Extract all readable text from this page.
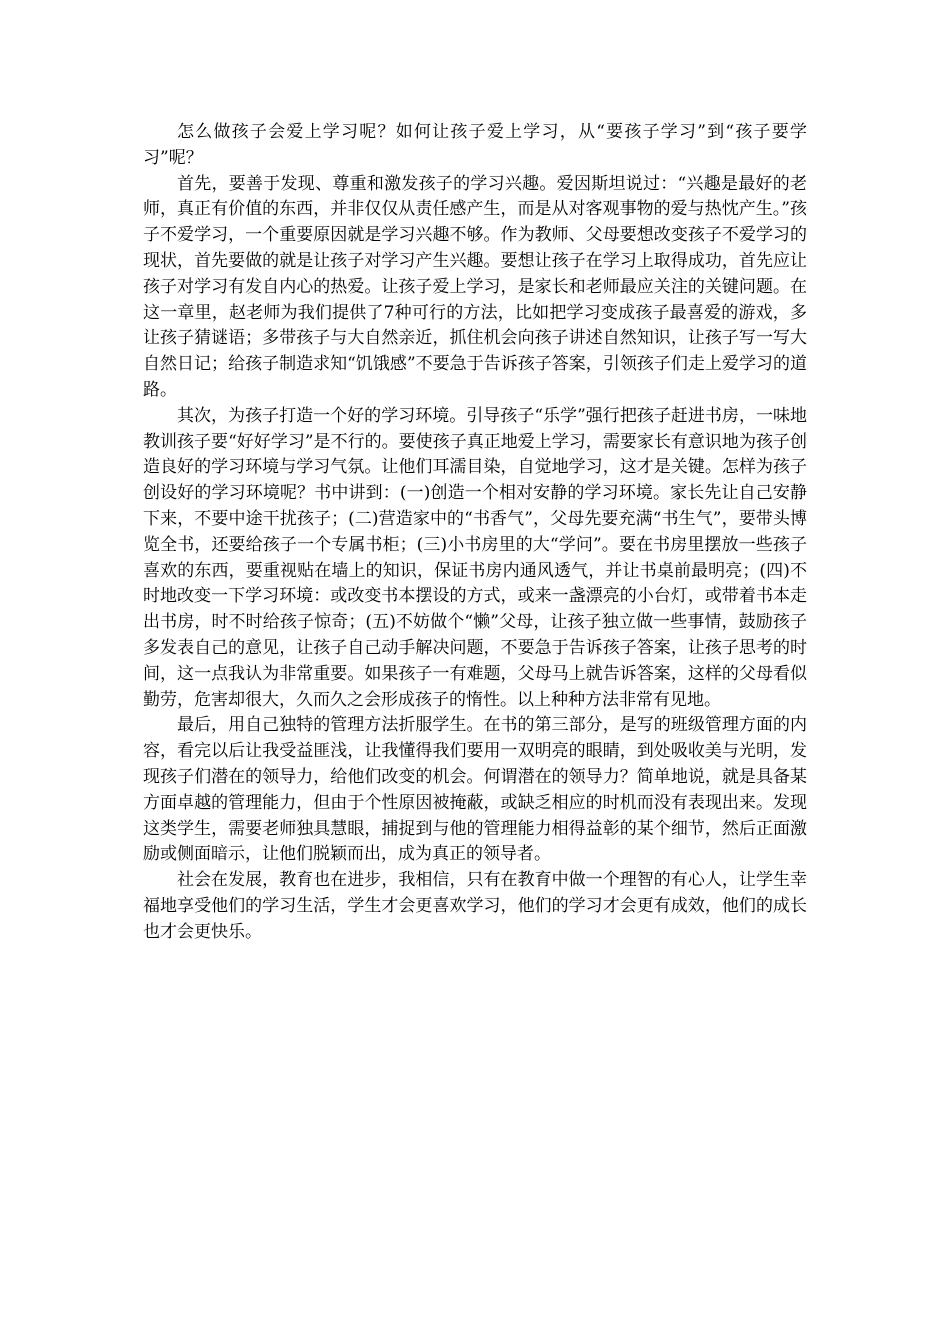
怎么做孩子会爱上学习呢？如何让孩子爱上学习，从“要孩子学习”到“孩子要学习”呢？

首先，要善于发现、尊重和激发孩子的学习兴趣。爱因斯坦说过：“兴趣是最好的老师，真正有价值的东西，并非仅仅从责任感产生，而是从对客观事物的爱与热忱产生。”孩子不爱学习，一个重要原因就是学习兴趣不够。作为教师、父母要想改变孩子不爱学习的现状，首先要做的就是让孩子对学习产生兴趣。要想让孩子在学习上取得成功，首先应让孩子对学习有发自内心的热爱。让孩子爱上学习，是家长和老师最应关注的关键问题。在这一章里，赵老师为我们提供了7种可行的方法，比如把学习变成孩子最喜爱的游戏，多让孩子猜谜语；多带孩子与大自然亲近，抓住机会向孩子讲述自然知识，让孩子写一写大自然日记；给孩子制造求知“饥饿感”不要急于告诉孩子答案，引领孩子们走上爱学习的道路。

其次，为孩子打造一个好的学习环境。引导孩子“乐学”强行把孩子赶进书房，一味地教训孩子要“好好学习”是不行的。要使孩子真正地爱上学习，需要家长有意识地为孩子创造良好的学习环境与学习气氛。让他们耳濡目染，自觉地学习，这才是关键。怎样为孩子创设好的学习环境呢？书中讲到：(一)创造一个相对安静的学习环境。家长先让自己安静下来，不要中途干扰孩子；(二)营造家中的“书香气”，父母先要充满“书生气”，要带头博览全书，还要给孩子一个专属书柜；(三)小书房里的大“学问”。要在书房里摆放一些孩子喜欢的东西，要重视贴在墙上的知识，保证书房内通风透气，并让书桌前最明亮；(四)不时地改变一下学习环境：或改变书本摆设的方式，或来一盏漂亮的小台灯，或带着书本走出书房，时不时给孩子惊奇；(五)不妨做个“懒”父母，让孩子独立做一些事情，鼓励孩子多发表自己的意见，让孩子自己动手解决问题，不要急于告诉孩子答案，让孩子思考的时间，这一点我认为非常重要。如果孩子一有难题，父母马上就告诉答案，这样的父母看似勤劳，危害却很大，久而久之会形成孩子的惰性。以上种种方法非常有见地。

最后，用自己独特的管理方法折服学生。在书的第三部分，是写的班级管理方面的内容，看完以后让我受益匪浅，让我懂得我们要用一双明亮的眼睛，到处吸收美与光明，发现孩子们潜在的领导力，给他们改变的机会。何谓潜在的领导力？简单地说，就是具备某方面卓越的管理能力，但由于个性原因被掩蔽，或缺乏相应的时机而没有表现出来。发现这类学生，需要老师独具慧眼，捕捉到与他的管理能力相得益彰的某个细节，然后正面激励或侧面暗示，让他们脱颖而出，成为真正的领导者。

社会在发展，教育也在进步，我相信，只有在教育中做一个理智的有心人，让学生幸福地享受他们的学习生活，学生才会更喜欢学习，他们的学习才会更有成效，他们的成长也才会更快乐。
